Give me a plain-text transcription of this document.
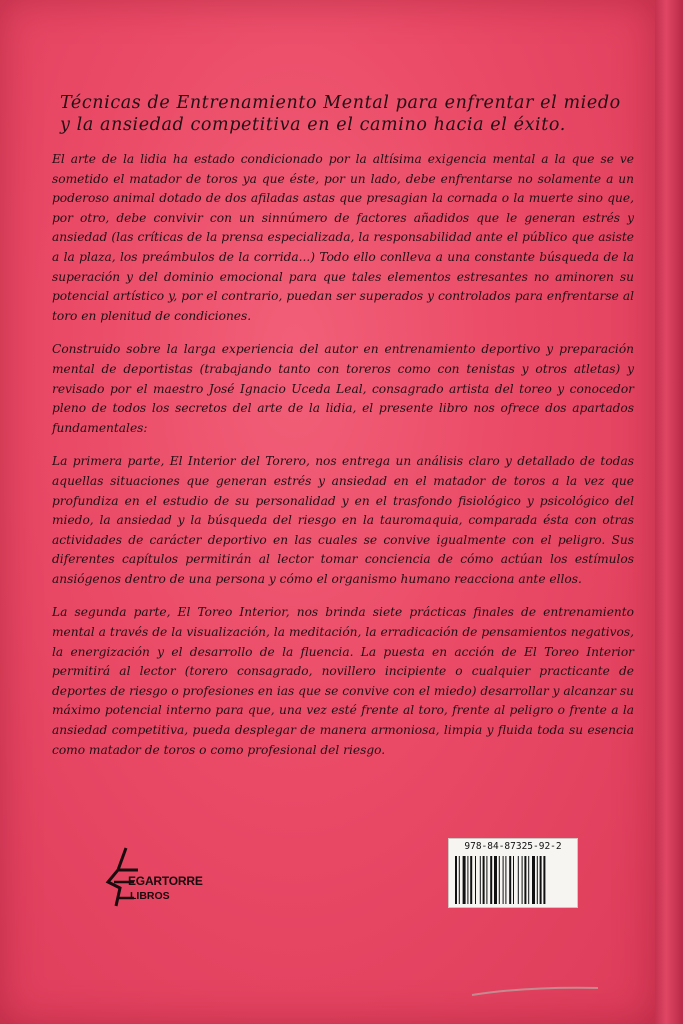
Técnicas de Entrenamiento Mental para enfrentar el miedo
y la ansiedad competitiva en el camino hacia el éxito.

El arte de la lidia ha estado condicionado por la altísima exigencia mental a la que se ve sometido el matador de toros ya que éste, por un lado, debe enfrentarse no solamente a un poderoso animal dotado de dos afiladas astas que presagian la cornada o la muerte sino que, por otro, debe convivir con un sinnúmero de factores añadidos que le generan estrés y ansiedad (las críticas de la prensa especializada, la responsabilidad ante el público que asiste a la plaza, los preámbulos de la corrida...) Todo ello conlleva a una constante búsqueda de la superación y del dominio emocional para que tales elementos estresantes no aminoren su potencial artístico y, por el contrario, puedan ser superados y controlados para enfrentarse al toro en plenitud de condiciones.

Construido sobre la larga experiencia del autor en entrenamiento deportivo y preparación mental de deportistas (trabajando tanto con toreros como con tenistas y otros atletas) y revisado por el maestro José Ignacio Uceda Leal, consagrado artista del toreo y conocedor pleno de todos los secretos del arte de la lidia, el presente libro nos ofrece dos apartados fundamentales:

La primera parte, El Interior del Torero, nos entrega un análisis claro y detallado de todas aquellas situaciones que generan estrés y ansiedad en el matador de toros a la vez que profundiza en el estudio de su personalidad y en el trasfondo fisiológico y psicológico del miedo, la ansiedad y la búsqueda del riesgo en la tauromaquia, comparada ésta con otras actividades de carácter deportivo en las cuales se convive igualmente con el peligro. Sus diferentes capítulos permitirán al lector tomar conciencia de cómo actúan los estímulos ansiógenos dentro de una persona y cómo el organismo humano reacciona ante ellos.

La segunda parte, El Toreo Interior, nos brinda siete prácticas finales de entrenamiento mental a través de la visualización, la meditación, la erradicación de pensamientos negativos, la energización y el desarrollo de la fluencia. La puesta en acción de El Toreo Interior permitirá al lector (torero consagrado, novillero incipiente o cualquier practicante de deportes de riesgo o profesiones en ias que se convive con el miedo) desarrollar y alcanzar su máximo potencial interno para que, una vez esté frente al toro, frente al peligro o frente a la ansiedad competitiva, pueda desplegar de manera armoniosa, limpia y fluida toda su esencia como matador de toros o como profesional del riesgo.

EGARTORRE
LIBROS
978-84-87325-92-2
